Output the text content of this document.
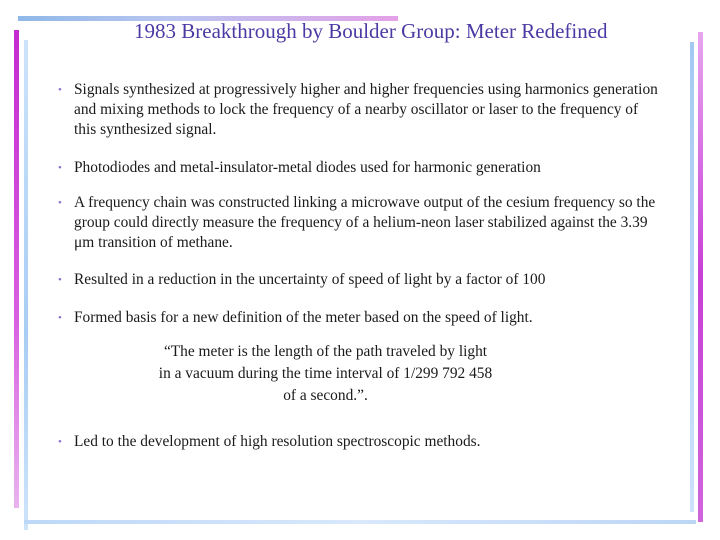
1983 Breakthrough by Boulder Group: Meter Redefined
• Signals synthesized at progressively higher and higher frequencies using harmonics generation and mixing methods to lock the frequency of a nearby oscillator or laser to the frequency of this synthesized signal.
• Photodiodes and metal-insulator-metal diodes used for harmonic generation
• A frequency chain was constructed linking a microwave output of the cesium frequency so the group could directly measure the frequency of a helium-neon laser stabilized against the 3.39 μm transition of methane.
• Resulted in a reduction in the uncertainty of speed of light by a factor of 100
• Formed basis for a new definition of the meter based on the speed of light.
• Led to the development of high resolution spectroscopic methods.
“The meter is the length of the path traveled by light in a vacuum during the time interval of 1/299 792 458 of a second.”.
